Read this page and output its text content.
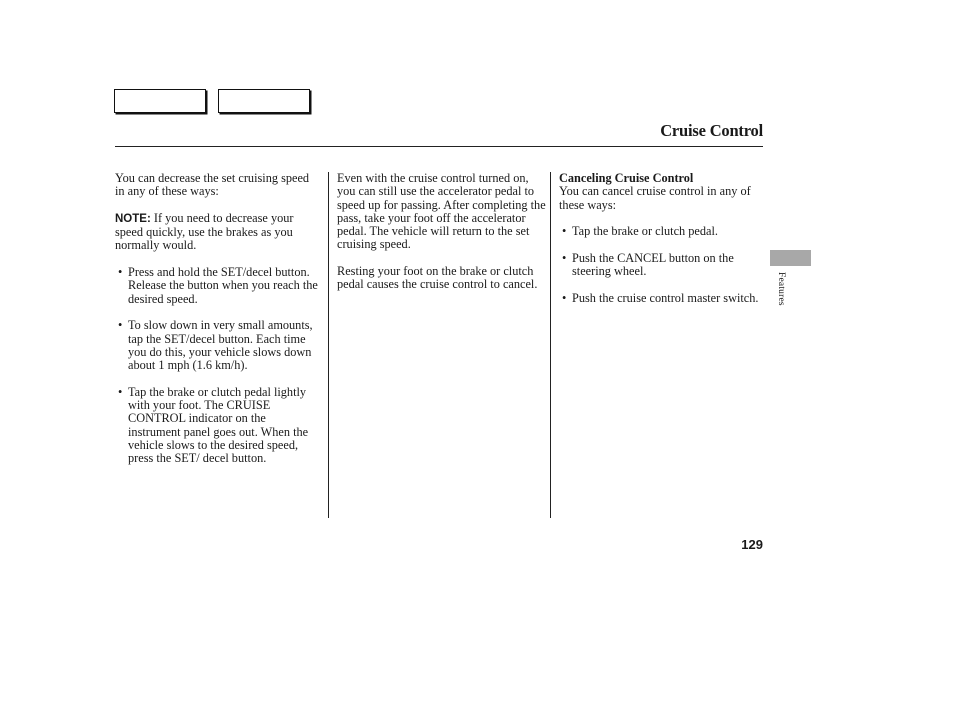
Cruise Control

You can decrease the set cruising speed in any of these ways:

NOTE: If you need to decrease your speed quickly, use the brakes as you normally would.

• Press and hold the SET/decel button. Release the button when you reach the desired speed.
• To slow down in very small amounts, tap the SET/decel button. Each time you do this, your vehicle slows down about 1 mph (1.6 km/h).
• Tap the brake or clutch pedal lightly with your foot. The CRUISE CONTROL indicator on the instrument panel goes out. When the vehicle slows to the desired speed, press the SET/ decel button.

Even with the cruise control turned on, you can still use the accelerator pedal to speed up for passing. After completing the pass, take your foot off the accelerator pedal. The vehicle will return to the set cruising speed.

Resting your foot on the brake or clutch pedal causes the cruise control to cancel.

Canceling Cruise Control
You can cancel cruise control in any of these ways:

• Tap the brake or clutch pedal.
• Push the CANCEL button on the steering wheel.
• Push the cruise control master switch.	Features
129
